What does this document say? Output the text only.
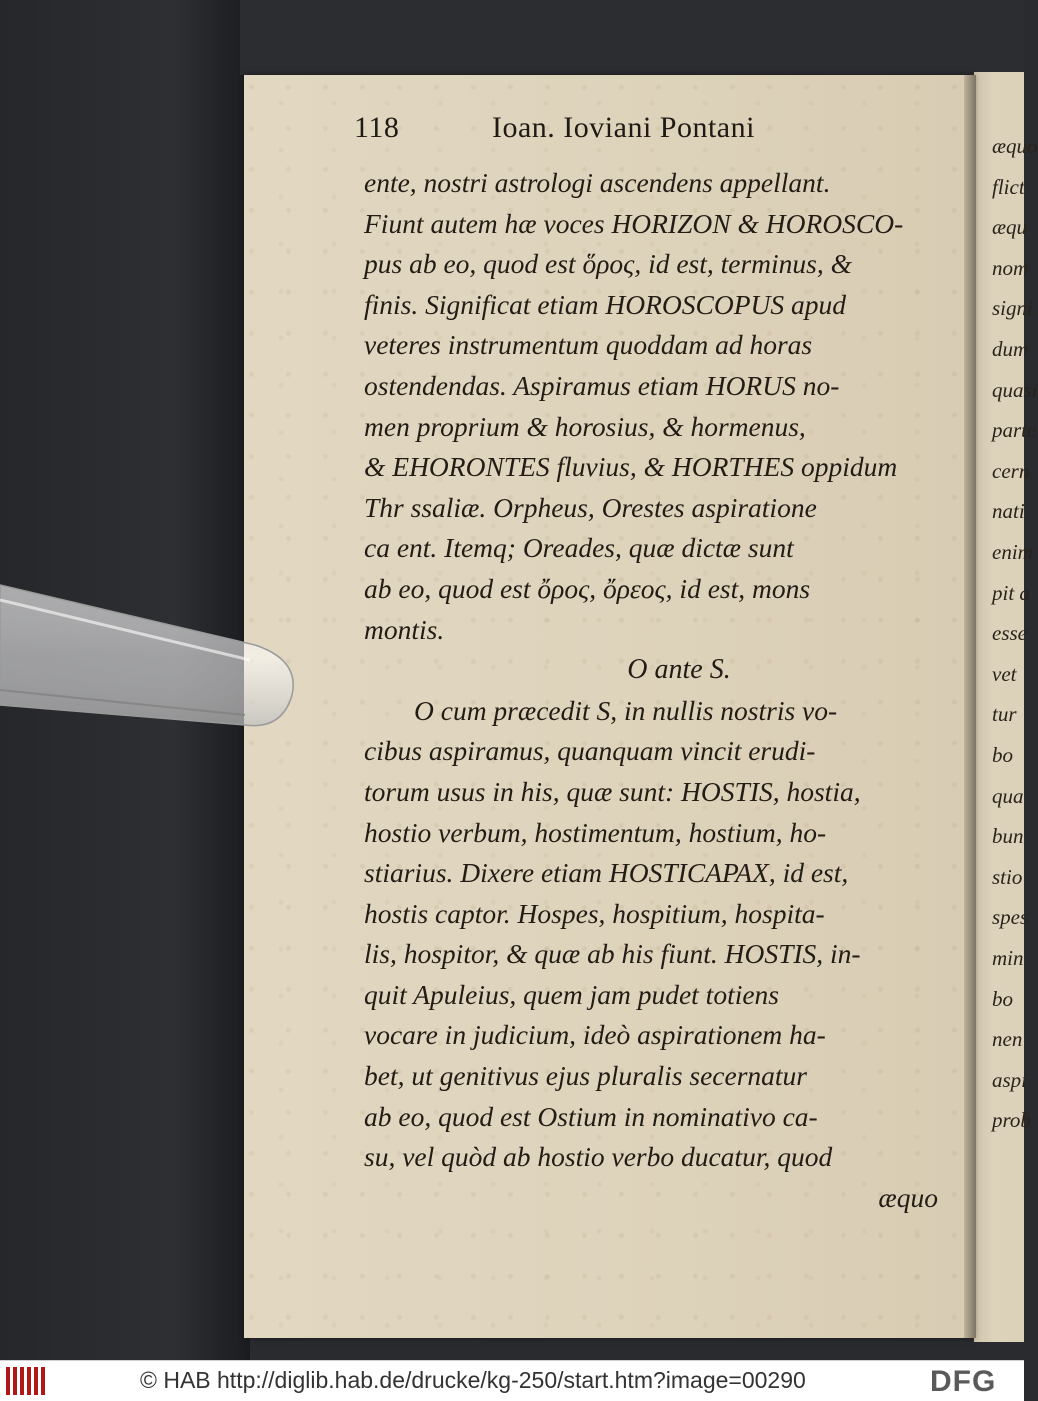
æquo
flict
æqu
nom
signi
dum
quasi
parte
cern
nati
enim
pit a
esse
vet
tur
bo
qua
bun
stio
spes
min
bo
nen
aspi
prob
118	Ioan. Ioviani Pontani
ente, nostri astrologi ascendens appellant.
Fiunt autem hæ voces HORIZON & HOROSCO-
pus ab eo, quod est ὅρος, id est, terminus, &
finis. Significat etiam HOROSCOPUS apud
veteres instrumentum quoddam ad horas
ostendendas. Aspiramus etiam HORUS no-
men proprium & horosius, & hormenus,
& EHORONTES fluvius, & HORTHES oppidum
Thr ssaliæ. Orpheus, Orestes aspiratione
ca ent. Itemq; Oreades, quæ dictæ sunt
ab eo, quod est ὄρος, ὄρεος, id est, mons
montis.
O ante S.
O cum præcedit S, in nullis nostris vo-
cibus aspiramus, quanquam vincit erudi-
torum usus in his, quæ sunt: HOSTIS, hostia,
hostio verbum, hostimentum, hostium, ho-
stiarius. Dixere etiam HOSTICAPAX, id est,
hostis captor. Hospes, hospitium, hospita-
lis, hospitor, & quæ ab his fiunt. HOSTIS, in-
quit Apuleius, quem jam pudet totiens
vocare in judicium, ideò aspirationem ha-
bet, ut genitivus ejus pluralis secernatur
ab eo, quod est Ostium in nominativo ca-
su, vel quòd ab hostio verbo ducatur, quod
æquo
© HAB http://diglib.hab.de/drucke/kg-250/start.htm?image=00290	DFG
